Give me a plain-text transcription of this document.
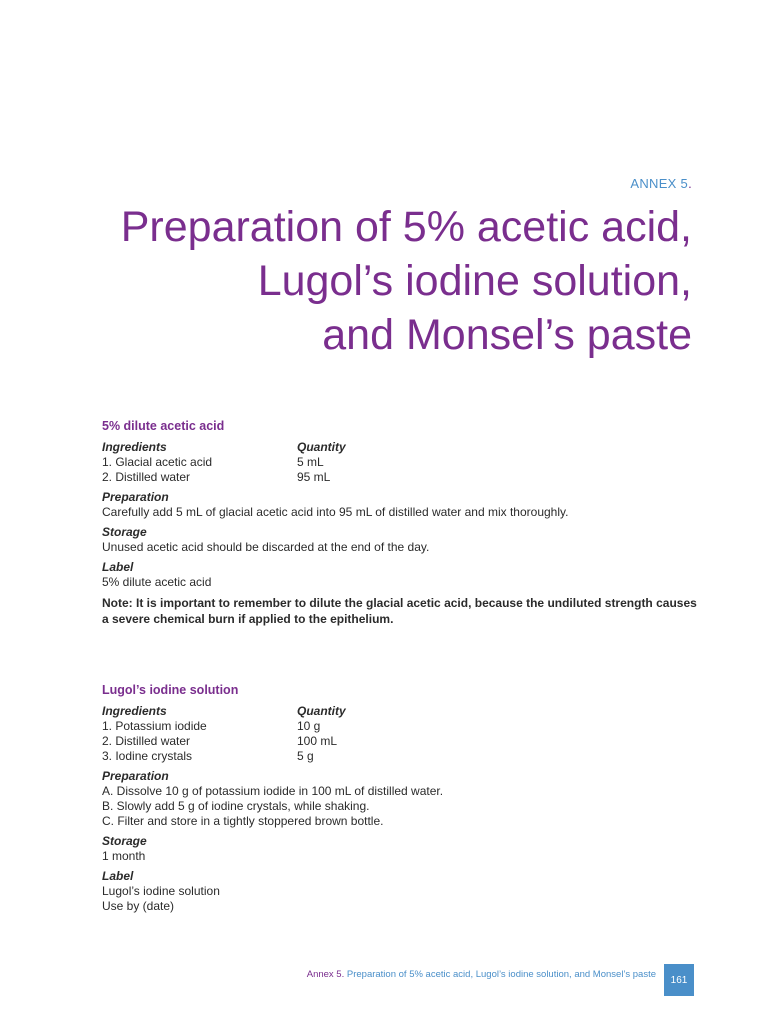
ANNEX 5.
Preparation of 5% acetic acid,
Lugol’s iodine solution,
and Monsel’s paste
5% dilute acetic acid
Ingredients	Quantity
1. Glacial acetic acid	5 mL
2. Distilled water	95 mL
Preparation
Carefully add 5 mL of glacial acetic acid into 95 mL of distilled water and mix thoroughly.
Storage
Unused acetic acid should be discarded at the end of the day.
Label
5% dilute acetic acid
Note: It is important to remember to dilute the glacial acetic acid, because the undiluted strength causes a severe chemical burn if applied to the epithelium.
Lugol’s iodine solution
Ingredients	Quantity
1. Potassium iodide	10 g
2. Distilled water	100 mL
3. Iodine crystals	5 g
Preparation
A. Dissolve 10 g of potassium iodide in 100 mL of distilled water.
B. Slowly add 5 g of iodine crystals, while shaking.
C. Filter and store in a tightly stoppered brown bottle.
Storage
1 month
Label
Lugol’s iodine solution
Use by (date)
Annex 5. Preparation of 5% acetic acid, Lugol’s iodine solution, and Monsel’s paste 161
